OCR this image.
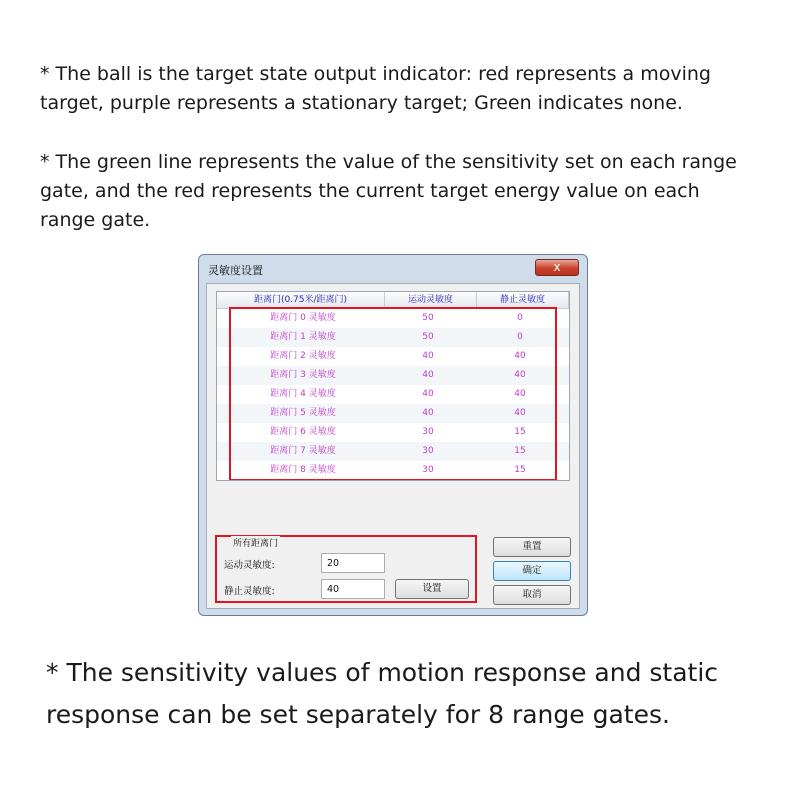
* The ball is the target state output indicator: red represents a moving target, purple represents a stationary target; Green indicates none.

* The green line represents the value of the sensitivity set on each range gate, and the red represents the current target energy value on each range gate.

灵敏度设置	x
距离门(0.75米/距离门)	运动灵敏度	静止灵敏度
距离门 0 灵敏度	50	0
距离门 1 灵敏度	50	0
距离门 2 灵敏度	40	40
距离门 3 灵敏度	40	40
距离门 4 灵敏度	40	40
距离门 5 灵敏度	40	40
距离门 6 灵敏度	30	15
距离门 7 灵敏度	30	15
距离门 8 灵敏度	30	15
所有距离门
运动灵敏度:
20
静止灵敏度:
40	设置
重置
确定
取消

* The sensitivity values of motion response and static response can be set separately for 8 range gates.
